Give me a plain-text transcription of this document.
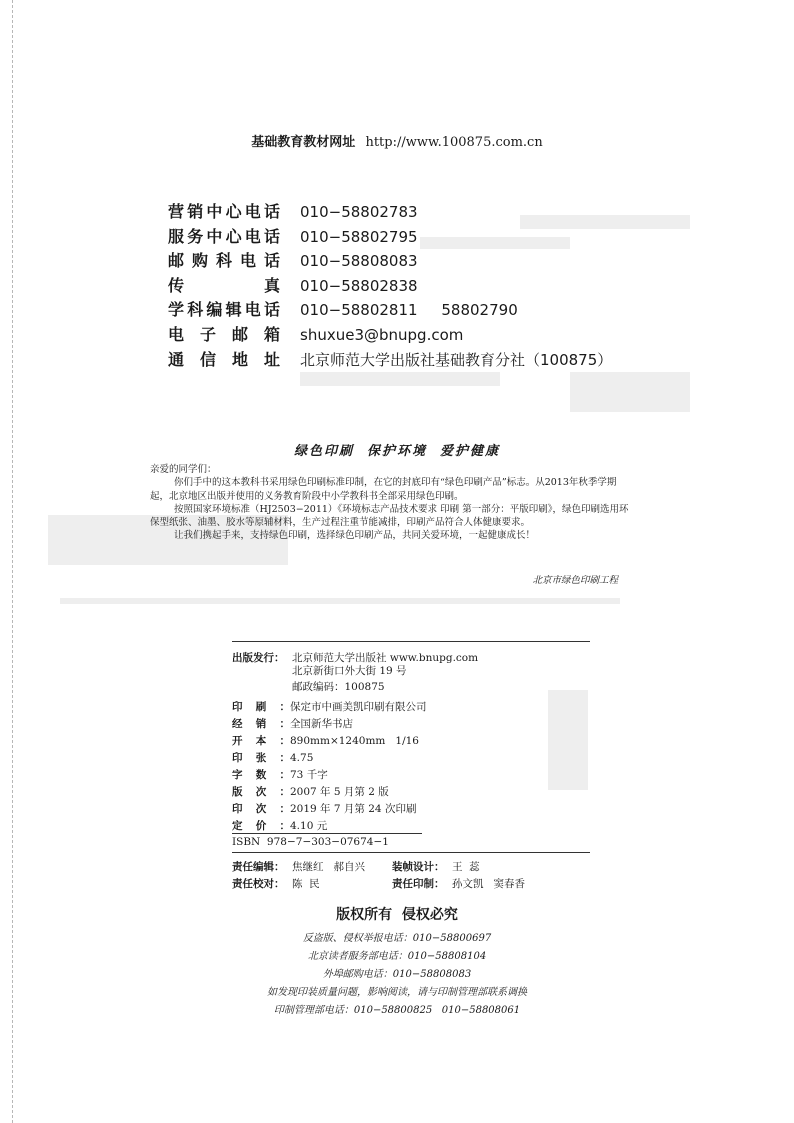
基础教育教材网址 http://www.100875.com.cn
营销中心电话 010−58802783
服务中心电话 010−58802795
邮购科电话 010−58808083
传真 010−58802838
学科编辑电话 010−58802811     58802790
电子邮箱 shuxue3@bnupg.com
通信地址 北京师范大学出版社基础教育分社（100875）
绿色印刷  保护环境  爱护健康

亲爱的同学们：

你们手中的这本教科书采用绿色印刷标准印制，在它的封底印有“绿色印刷产品”标志。从2013年秋季学期起，北京地区出版并使用的义务教育阶段中小学教科书全部采用绿色印刷。

按照国家环境标准（HJ2503−2011）《环境标志产品技术要求 印刷 第一部分：平版印刷》，绿色印刷选用环保型纸张、油墨、胶水等原辅材料，生产过程注重节能减排，印刷产品符合人体健康要求。

让我们携起手来，支持绿色印刷，选择绿色印刷产品，共同关爱环境，一起健康成长！

北京市绿色印刷工程
出版发行： 北京师范大学出版社 www.bnupg.com
北京新街口外大街 19 号
邮政编码：100875
印刷：保定市中画美凯印刷有限公司
经销：全国新华书店
开本：890mm×1240mm   1/16
印张：4.75
字数：73 千字
版次：2007 年 5 月第 2 版
印次：2019 年 7 月第 24 次印刷
定价：4.10 元
ISBN  978−7−303−07674−1
责任编辑： 焦继红   郝自兴	装帧设计： 王  蕊
责任校对： 陈  民	责任印制： 孙文凯   窦春香
版权所有  侵权必究
反盗版、侵权举报电话：010−58800697
北京读者服务部电话：010−58808104
外埠邮购电话：010−58808083
如发现印装质量问题，影响阅读，请与印制管理部联系调换
印制管理部电话：010−58800825   010−58808061
